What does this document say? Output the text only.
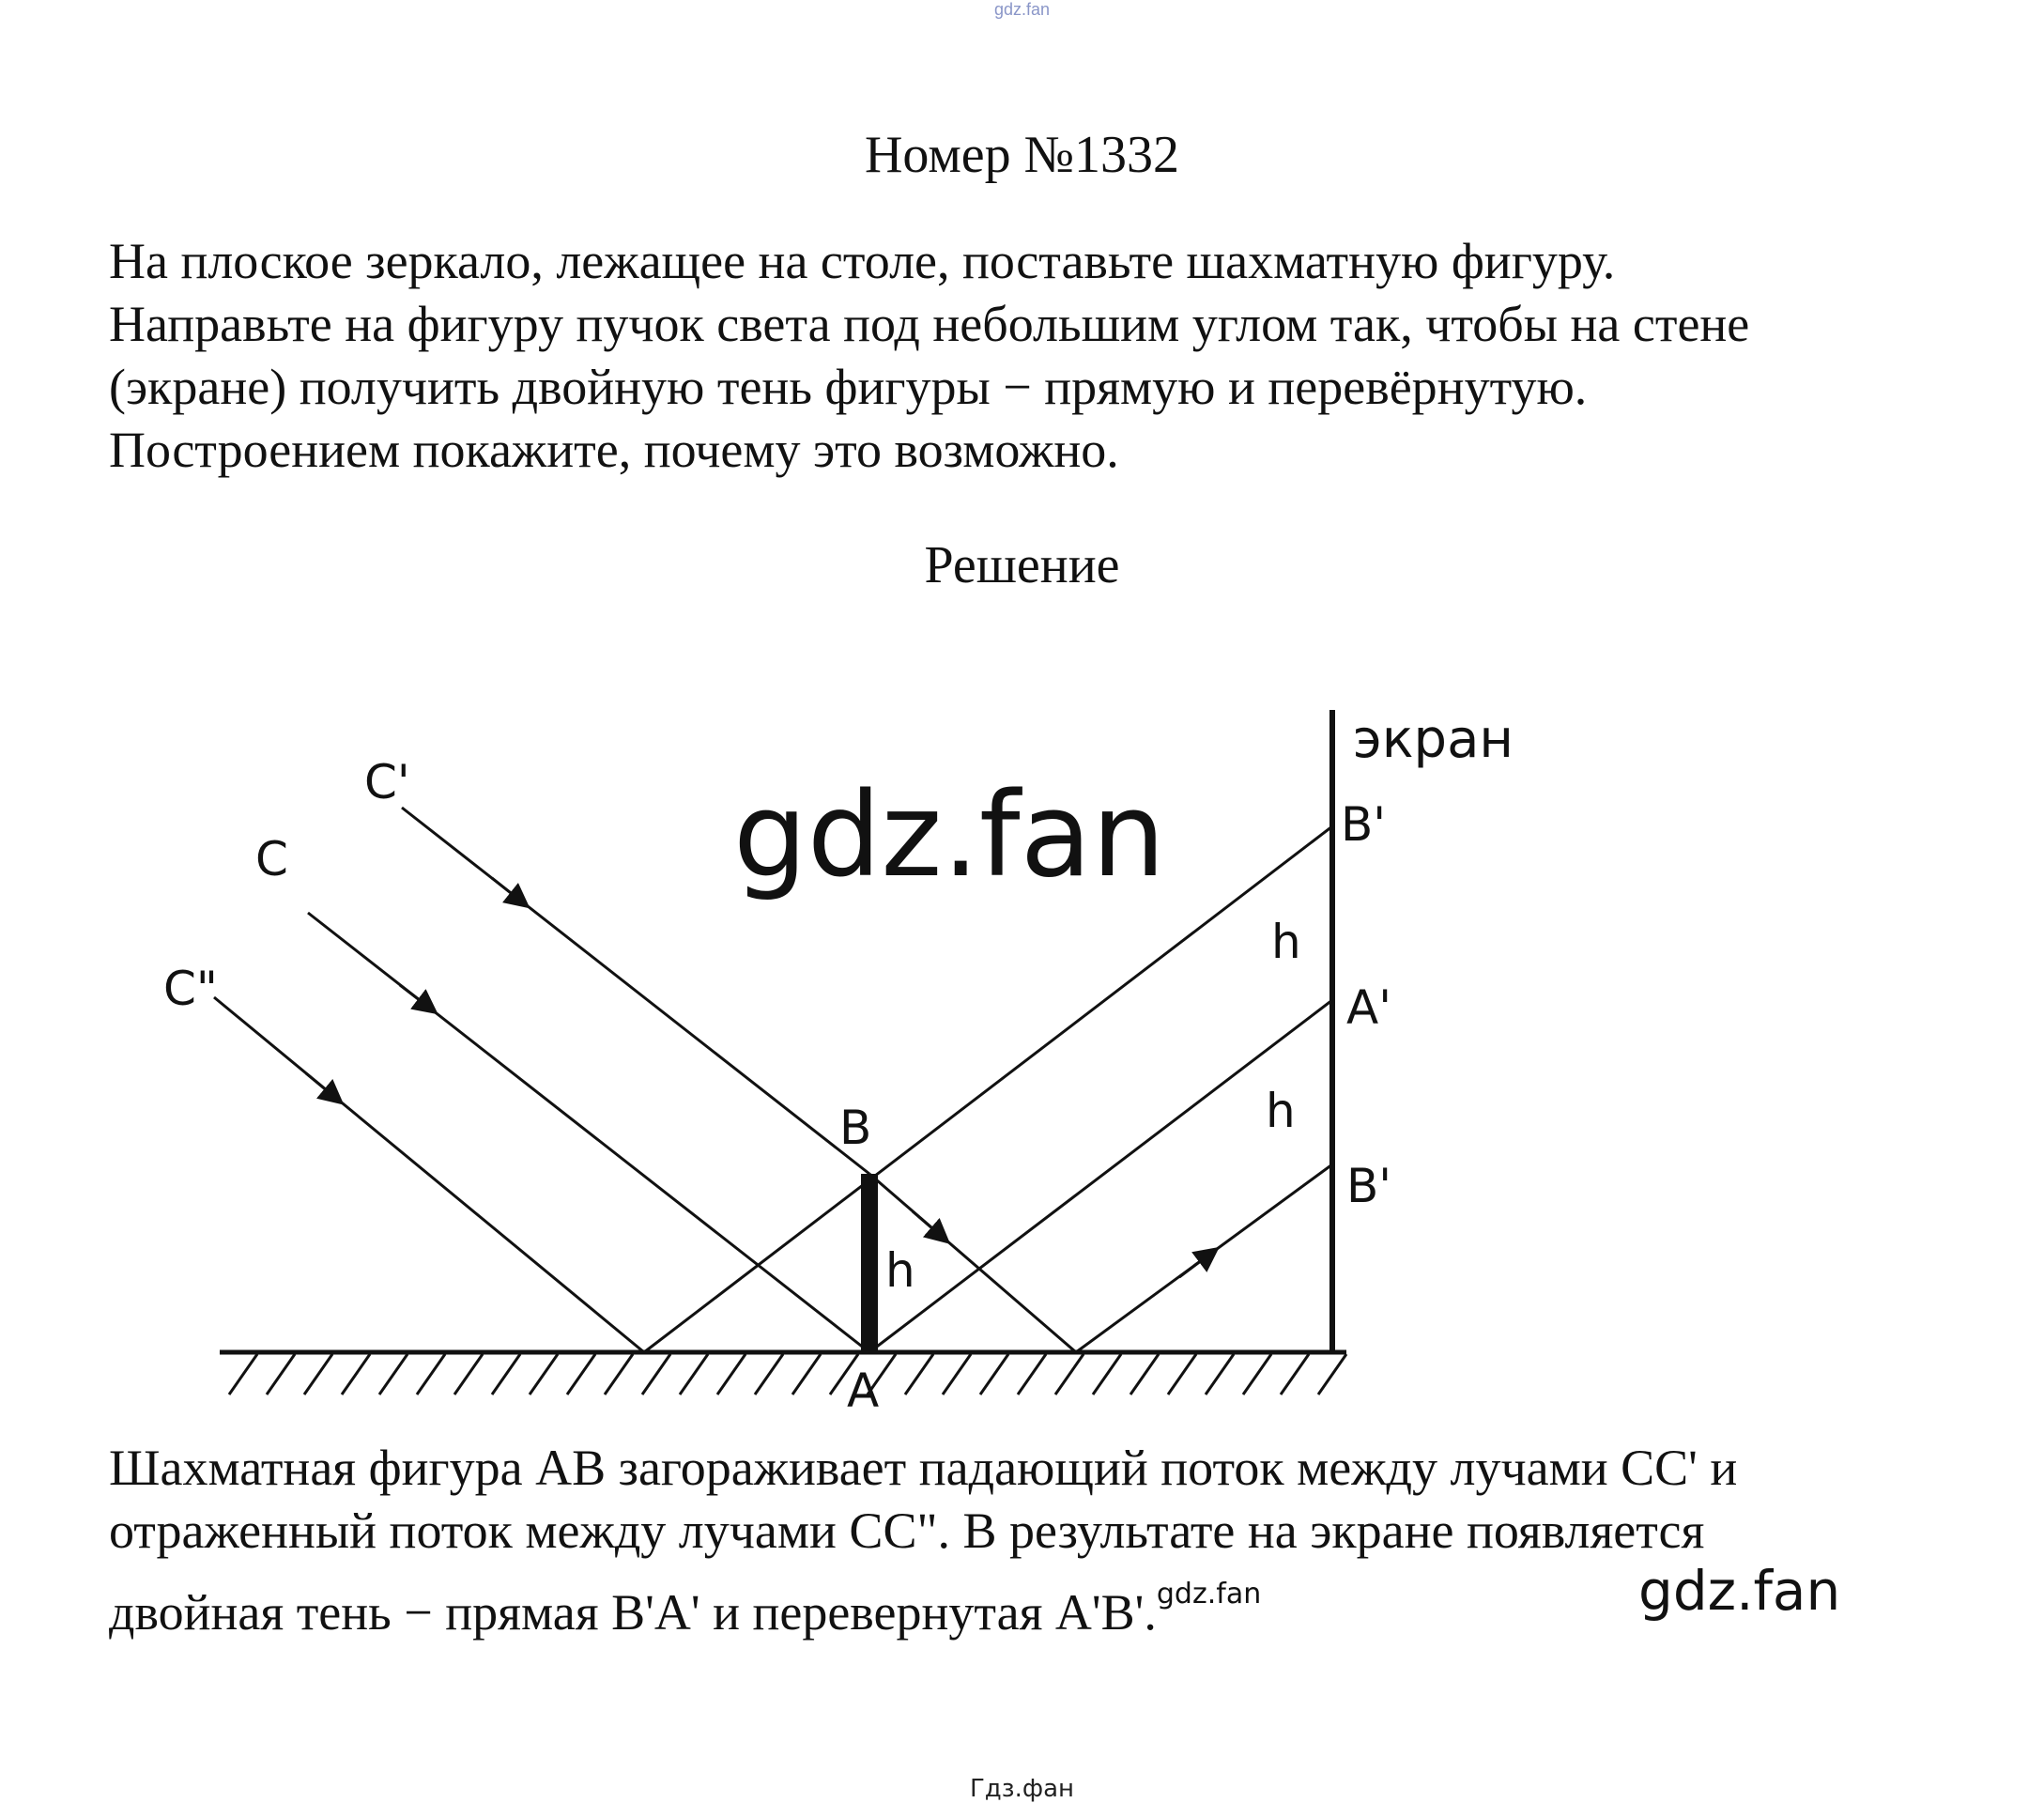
gdz.fan
Номер №1332

На плоское зеркало, лежащее на столе, поставьте шахматную фигуру.
Направьте на фигуру пучок света под небольшим углом так, чтобы на стене
(экране) получить двойную тень фигуры − прямую и перевёрнутую.
Построением покажите, почему это возможно.

Решение
экран
C'
C
C"
B
A
h
h
h
B'
A'
B'
gdz.fan

Шахматная фигура АВ загораживает падающий поток между лучами СС' и
отраженный поток между лучами СС". В результате на экране появляется
двойная тень − прямая В'А' и перевернутая А'В'.$^{gdz.fan}$	gdz.fan
Гдз.фан
